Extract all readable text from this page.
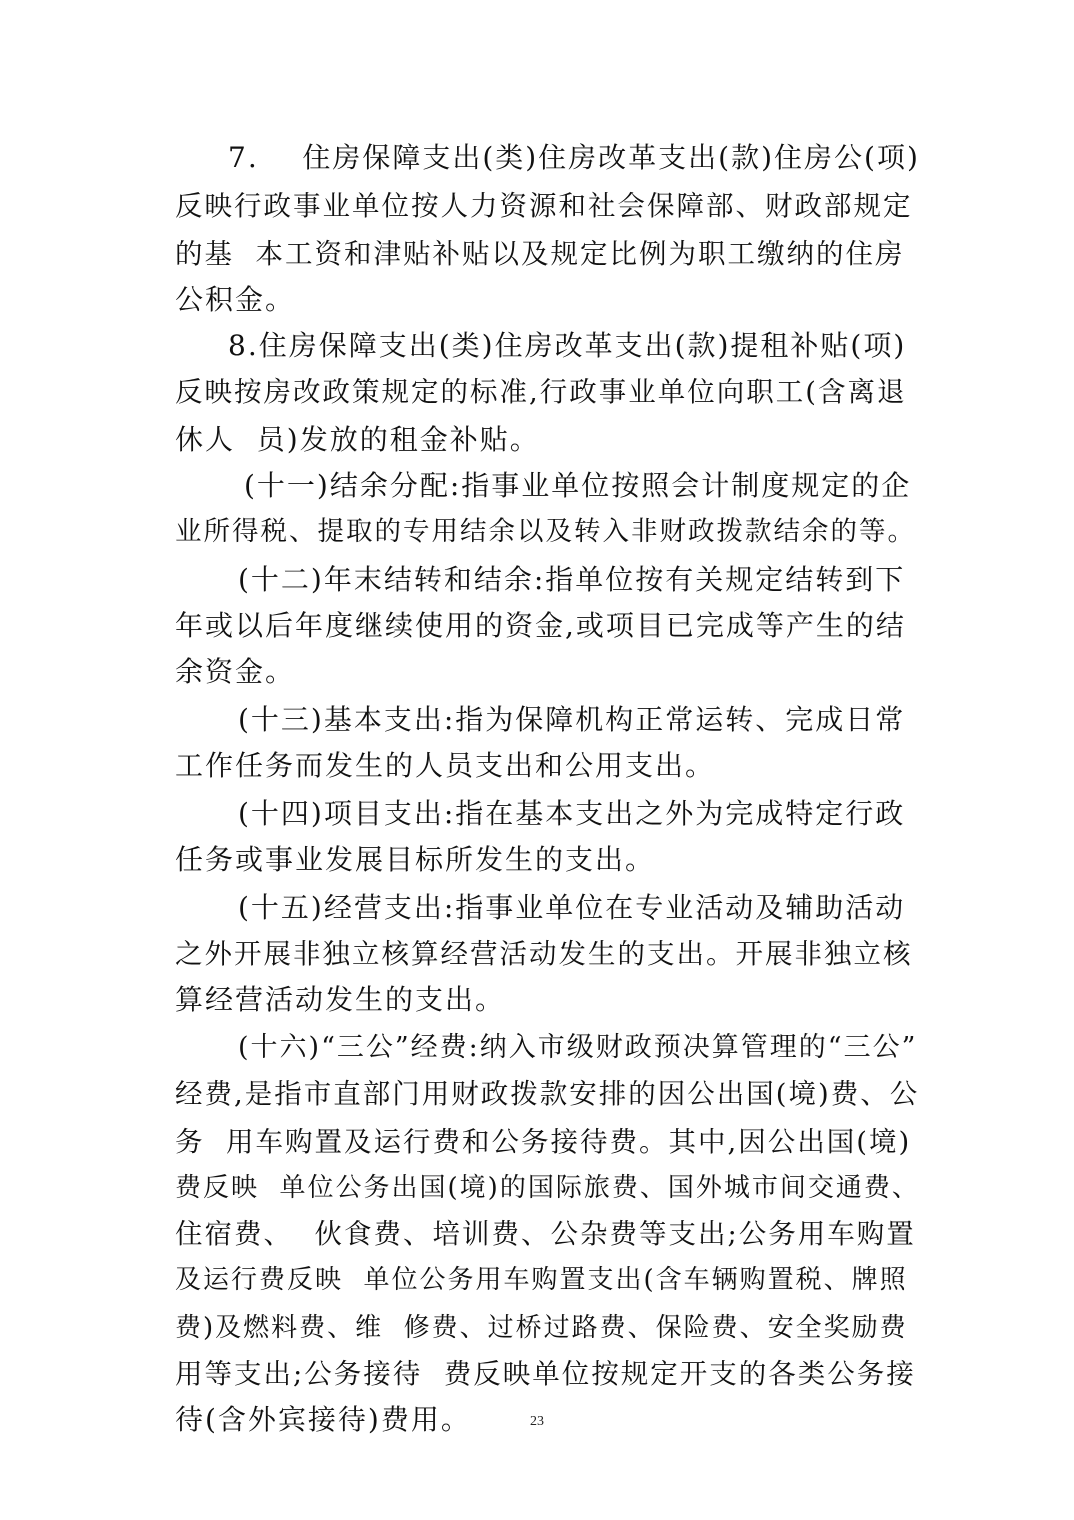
7.    住房保障支出(类)住房改革支出(款)住房公(项)
反映行政事业单位按人力资源和社会保障部、财政部规定
的基  本工资和津贴补贴以及规定比例为职工缴纳的住房
公积金。
8.住房保障支出(类)住房改革支出(款)提租补贴(项)
反映按房改政策规定的标准,行政事业单位向职工(含离退
休人  员)发放的租金补贴。
(十一)结余分配:指事业单位按照会计制度规定的企
业所得税、提取的专用结余以及转入非财政拨款结余的等。
(十二)年末结转和结余:指单位按有关规定结转到下
年或以后年度继续使用的资金,或项目已完成等产生的结
余资金。
(十三)基本支出:指为保障机构正常运转、完成日常
工作任务而发生的人员支出和公用支出。
(十四)项目支出:指在基本支出之外为完成特定行政
任务或事业发展目标所发生的支出。
(十五)经营支出:指事业单位在专业活动及辅助活动
之外开展非独立核算经营活动发生的支出。开展非独立核
算经营活动发生的支出。
(十六)“三公”经费:纳入市级财政预决算管理的“三公”
经费,是指市直部门用财政拨款安排的因公出国(境)费、公
务  用车购置及运行费和公务接待费。其中,因公出国(境)
费反映  单位公务出国(境)的国际旅费、国外城市间交通费、
住宿费、  伙食费、培训费、公杂费等支出;公务用车购置
及运行费反映  单位公务用车购置支出(含车辆购置税、牌照
费)及燃料费、维  修费、过桥过路费、保险费、安全奖励费
用等支出;公务接待  费反映单位按规定开支的各类公务接
待(含外宾接待)费用。	23
